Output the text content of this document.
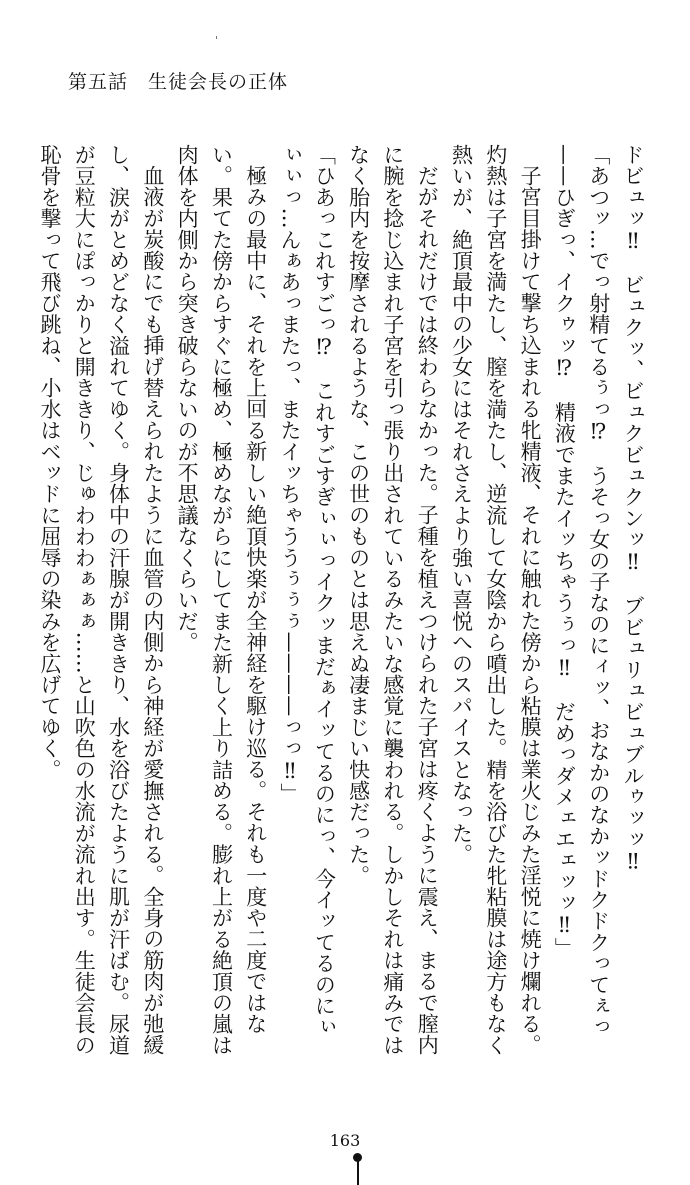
第五話 生徒会長の正体

ドビュッ‼　ビュクッ、ビュクビュクンッ‼　ブビュリュビュブルゥッッ‼

「あつッ…でっ射精てるぅっ⁉　うそっ女の子なのにィッ、おなかのなかッドクドクってぇっ——ひぎっ、イクゥッ⁉　精液でまたイッちゃうぅっ‼　だめっダメェエェッッ‼」

子宮目掛けて撃ち込まれる牝精液、それに触れた傍から粘膜は業火じみた淫悦に焼け爛れる。灼熱は子宮を満たし、膣を満たし、逆流して女陰から噴出した。精を浴びた牝粘膜は途方もなく熱いが、絶頂最中の少女にはそれさえより強い喜悦へのスパイスとなった。

だがそれだけでは終わらなかった。子種を植えつけられた子宮は疼くように震え、まるで膣内に腕を捻じ込まれ子宮を引っ張り出されているみたいな感覚に襲われる。しかしそれは痛みではなく胎内を按摩されるような、この世のものとは思えぬ凄まじい快感だった。

「ひあっこれすごっ⁉　これすごすぎぃぃっイクッまだぁイッてるのにっ、今イッてるのにぃぃぃっ…んぁあっまたっ、またイッちゃううぅぅぅ————っっ‼」

極みの最中に、それを上回る新しい絶頂快楽が全神経を駆け巡る。それも一度や二度ではない。果てた傍からすぐに極め、極めながらにしてまた新しく上り詰める。膨れ上がる絶頂の嵐は肉体を内側から突き破らないのが不思議なくらいだ。

血液が炭酸にでも挿げ替えられたように血管の内側から神経が愛撫される。全身の筋肉が弛緩し、涙がとめどなく溢れてゆく。身体中の汗腺が開ききり、水を浴びたように肌が汗ばむ。尿道が豆粒大にぽっかりと開ききり、じゅわわわぁぁぁ……と山吹色の水流が流れ出す。生徒会長の恥骨を撃って飛び跳ね、小水はベッドに屈辱の染みを広げてゆく。

163
